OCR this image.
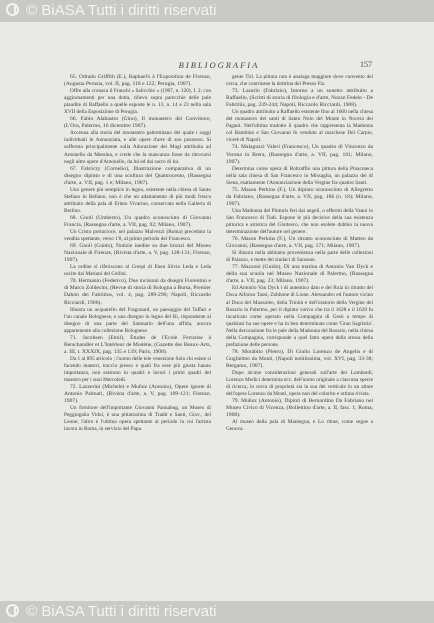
© BiASA Tutti i diritti riservati
BIBLIOGRAFIA	157

65. Odrado Griffith (E.), Raphael's à l'Exposition de Firenze, (Augusta Perusia, vol. II, pag. 118 e 122; Perugia, 1907).

Offre alla cronaca il Franchi « Salicchio » (1907, n. 120), f. 2; con aggiornamenti per una dotta, rilievo sopra parecchie delle pale plaudite di Raffaello a quelle esposte le n. 13, n. 14 e 23 nella sala XVII della Esposizione di Perugia.

66. Fabio Alabastro (Gino), Il monastero del Convittore, (L'Ora, Palermo, 16 dicembre 1907).

Accenna alla storia del monastero palermitano dei quale i soggi individuali le Annunziata, e alle opere d'arte di suo possesso. Si sofferma principalmente sulla Adorazione dei Magi attribuita ad Antonello da Messina, e crede che la mancanza fosse da ritrovarsi negli altre opere d'Antonello, da lui ed dai sacro di lui.

67. Fabriczy (Cornelio), Illustrazione comparativa di un disegno dipinto e di una scultura del Quattrocento, (Rassegna d'arte, a. VII, pag. 1 e; Milano, 1907).

Uno genere più semplice in legno, esistente nella chiesa di Santo Stefano in Bellano, non è che un adattamento di più modi frescu attribuito della pala di Eriteo Vivarino, conservata nella Galleria di Berlino.

68. Gnoli (Umberto), Un quadro sconosciuto di Giovanni Francia, (Rassegna d'arte, a. VII, pag. 92; Milano, 1907).

Un Cristo portacroce, nel palazzo Malvezzi (Roma) preceduto la vendita spettante, verso 1'8, al primo periodo del Francesco.

69. Gnoli (Guido), Notizie inedite su due bronzi del Museo Nazionale di Firenze, (Rivista d'arte, a. V, pag. 128-131; Firenze, 1907).

La ordine si riferiscono al Crespi di Enea Silvio Leda e Leda uscite dai Mariani del Cellini.

70. Hermanin (Federico), Due incisioni da disegni Fiorentini e di Marco Zoldecini, (Revue di storia di Bologna a Bursa, Premier Dahon dei Fabritius, vol. 4, pag. 289-290; Napoli, Riccardo Ricciardi, 1906).

Illustra un acquarello del Fragonard, un paesaggio del Taffari e l'un canale Bolognese, e una disegno in legno del Bi, rispondente al disegno di una parte del Santuario dell'una affida, ancora appartenente alla collezione Bolognese.

71. Jacobsen (Emil), Études de l'Ecole Ferrarise à Berschandler et L'Intérieur de Modène, (Gazette des Beaux-Arts, a. III, t. XXXIX, pag. 135 e 139; Paris, 1908).

Da 1 al 895 articolo ; l'uomo delle tele venezione Solo chi esiste si facendo maestri, traccia presso e quali fra esse più giusta hanno importanza, non esistono in quadri e lavori i primi quadri del maestro per i suoi Mercoledì.

72. Lazzerini (Michele) e Muñoz (Antonio), Opere ignote di Antonio Palmari, (Rivista d'arte, a. V, pag. 109-121; Firenze, 1907).

Un fornitore dell'importante Giovanni Pannabug, un Museo di Peggiogalia Vidoi, è una pittatissima di Tradit e Santi, Giov., del Leone; l'altro è l'ultima opera spettante al periodo in cui l'artista lavora in Roma, in servizio del Papa.

gente Tiri. La pittura non è analoga maggiore dove convento del cerca, che contrinese la dottrina del Presso Fiz.

73. Lazarin (Fabrizio), Intorno a un sonetto attribuito a Raffaello, (Scritti di storia di filologia e d'arte, Nozze Fedele - De Fabritiis, pag. 239-244; Napoli, Riccardo Ricciardi, 1908).

Un quadro attribuito a Raffaello esistente fino al 1660 nella chiesa del monastero dei santi di Santo Nolo del Monte in Nocera dei Pagani. Nell'ultima tradotto il quadro che rappresenta la Madonna col Bambino e San Giovanni fu venduto al marchese Del Carpio, vicerè di Napoli.

74. Malaguzzi Valeri (Francesco), Un quadro di Vincenzo da Verona in Brera, (Rassegna d'arte, a. VII, pag. 101; Milano, 1907).

Determina come opera di Boltraffio una pittura della Pinacoteca nella sala chiesa di San Francesco in Missaglia, un palazzo dei di Siena, esattamente l'Annunciazione della Vergine fra quattro Santi.

75. Mason Perkins (F.), Un dipinto sconosciuto di Allegretto da Fabriano, (Rassegna d'arte, a. VII, pag. 186 (n. 18); Milano, 1907).

Una Madonna del Pinturis feri dai angeli, o effermi della Vanni in San Francesco di Todi. Espone le più decisive della sua esistenza pittorica e artistica del Giottesco, che non esolete dubbio la nuova determinazione dell'autore nel genere.

76. Mason Perkins (F.), Un ritratto sconosciuto di Matteo da Giovanni, (Rassegna d'arte, a. VII, pag. 171; Milano, 1907).

Si illustra nella abbiamo provenienza nella parte delle collezioni di Palazzo, e mette dei sindaci di Sansone.

77. Mazzoni (Guido), Di una marina di Antonio Van Dyck e della sua scuola nel Museo Nazionale di Palermo, (Rassegna d'arte, a. VII, pag. 23; Milano, 1907).

Ed Antonio Van Dyck i di autentico dato e del Ruiz in ritratto del Duca Alfonso Tassi, Zobbone di Lione. Alessandro ed l'autore vicino al Duca del Mausoleo, della Trinità e dell'oratorio della Vergine del Rosario in Palermo, per il dipinto votivo che tra il 1628 e il 1629 fu incaricato come operato nella Compagnia di Gesù a tempo di qualsiasi ha sue opere e ha in ben determinata come 'Gran Sagristia'. Nella decorazione fra le pale della Madonna del Rosario, nella chiesa della Compagnia, corrisponde a quel fatto opera della stessa della prefazione delle persone.

78. Morabito (Pietro), Di Giulio Lorenzo de Angelis e di Guglielmo da Monti, (Napoli nobilissima, vol. XVI, pag. 33-38; Bergamo, 1907).

Dopo alcune considerazioni generali sull'arte dei Lombardi, Lorenzo Medici determina ecc. dell'uomo originale a ciascuna specie di ricerca, in cerca di proprietà sia la sua dei verticale in un altare dell'opera Lorenzo da Monti, opera non del colorito e ottima rivista.

79. Muñoz (Antonio), Dipinti di Bernardino Da Fabriano nel Museo Civico di Vicenza, (Bollettino d'arte, a. II, fasc. 1; Roma, 1908).

Al museo della pala di Mantegna, e Lo ritrae, come segue a Genova.

© BiASA Tutti i diritti riservati
